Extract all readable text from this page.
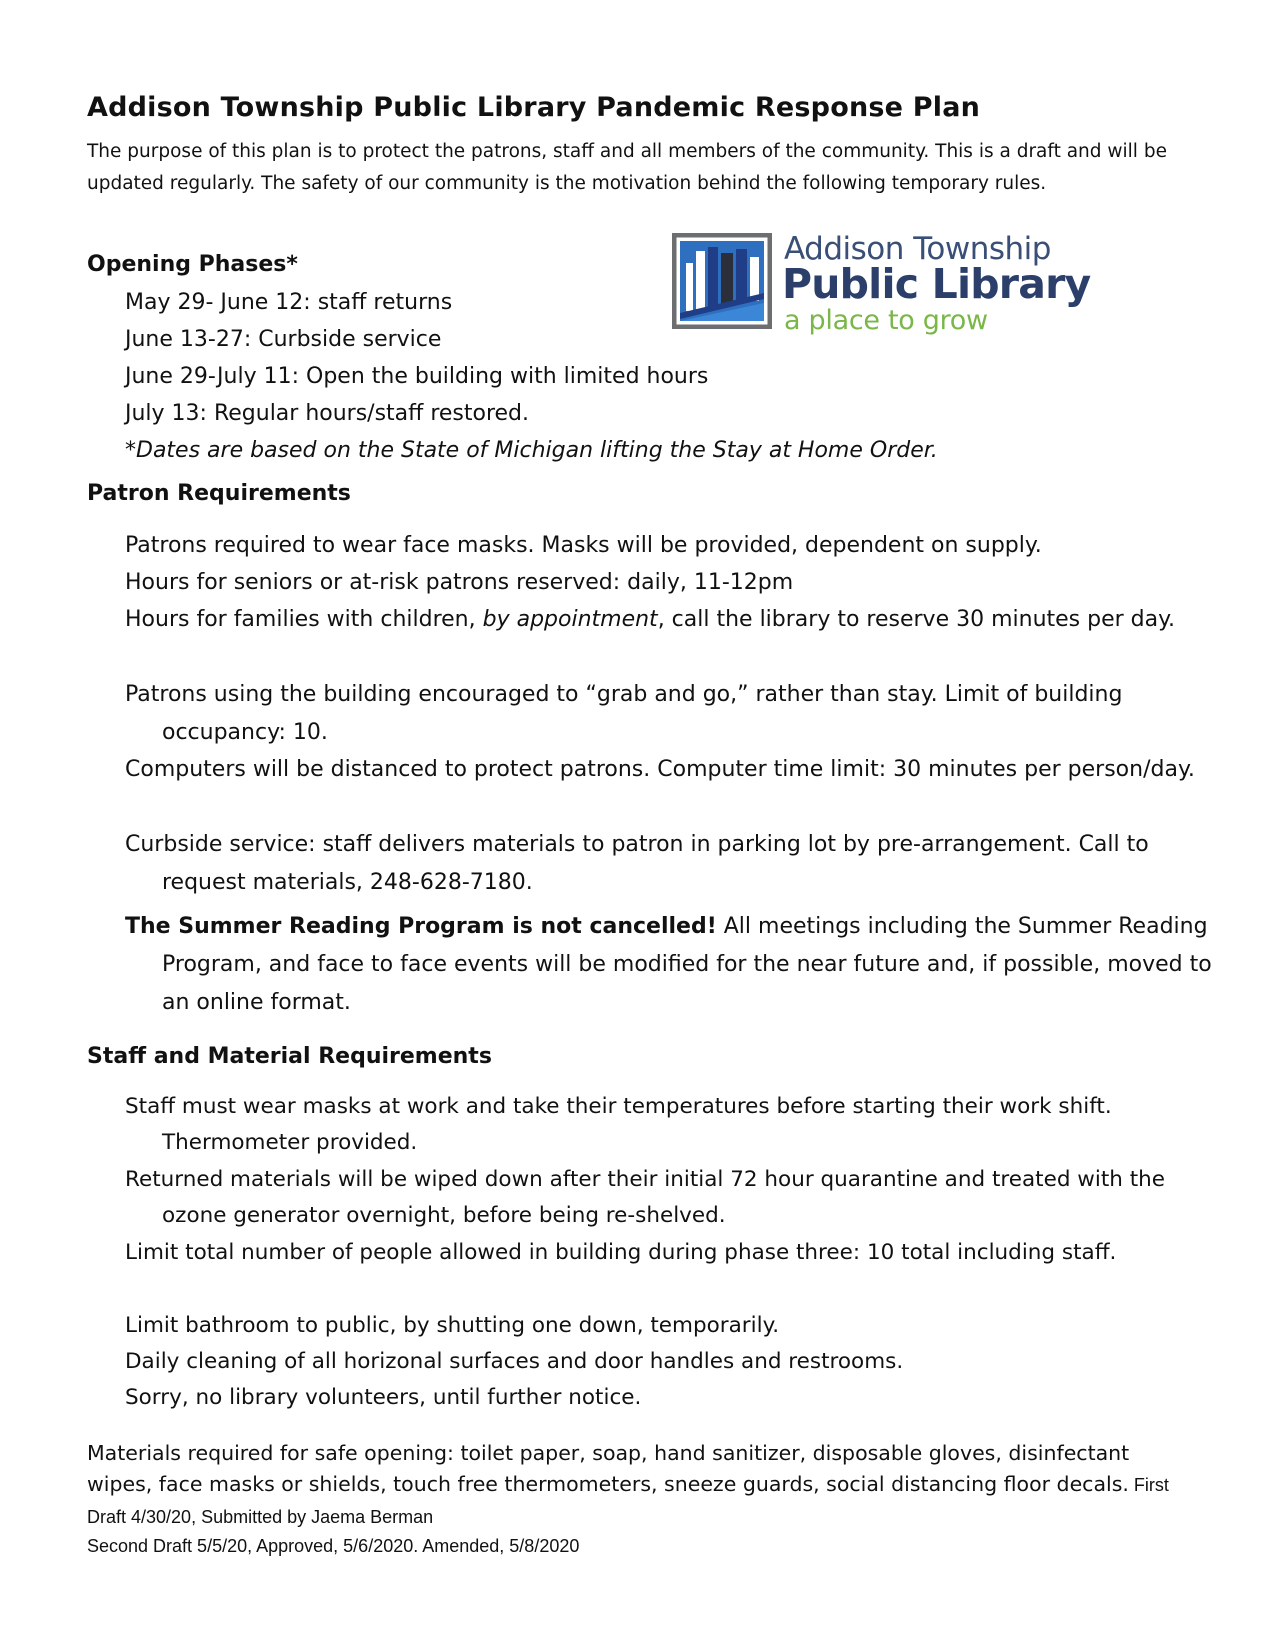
Addison Township Public Library Pandemic Response Plan

The purpose of this plan is to protect the patrons, staff and all members of the community. This is a draft and will be updated regularly. The safety of our community is the motivation behind the following temporary rules.

Addison Township

Public Library

a place to grow

Opening Phases*

May 29- June 12: staff returns

June 13-27: Curbside service

June 29-July 11: Open the building with limited hours

July 13: Regular hours/staff restored.

*Dates are based on the State of Michigan lifting the Stay at Home Order.

Patron Requirements

Patrons required to wear face masks. Masks will be provided, dependent on supply.

Hours for seniors or at-risk patrons reserved: daily, 11-12pm

Hours for families with children, by appointment, call the library to reserve 30 minutes per day.

Patrons using the building encouraged to “grab and go,” rather than stay. Limit of building occupancy: 10.

Computers will be distanced to protect patrons. Computer time limit: 30 minutes per person/day.

Curbside service: staff delivers materials to patron in parking lot by pre-arrangement. Call to request materials, 248-628-7180.

The Summer Reading Program is not cancelled! All meetings including the Summer Reading Program, and face to face events will be modified for the near future and, if possible, moved to an online format.

Staff and Material Requirements

Staff must wear masks at work and take their temperatures before starting their work shift. Thermometer provided.

Returned materials will be wiped down after their initial 72 hour quarantine and treated with the ozone generator overnight, before being re-shelved.

Limit total number of people allowed in building during phase three: 10 total including staff.

Limit bathroom to public, by shutting one down, temporarily.

Daily cleaning of all horizonal surfaces and door handles and restrooms.

Sorry, no library volunteers, until further notice.

Materials required for safe opening: toilet paper, soap, hand sanitizer, disposable gloves, disinfectant wipes, face masks or shields, touch free thermometers, sneeze guards, social distancing floor decals. First Draft 4/30/20, Submitted by Jaema Berman

Second Draft 5/5/20, Approved, 5/6/2020. Amended, 5/8/2020
